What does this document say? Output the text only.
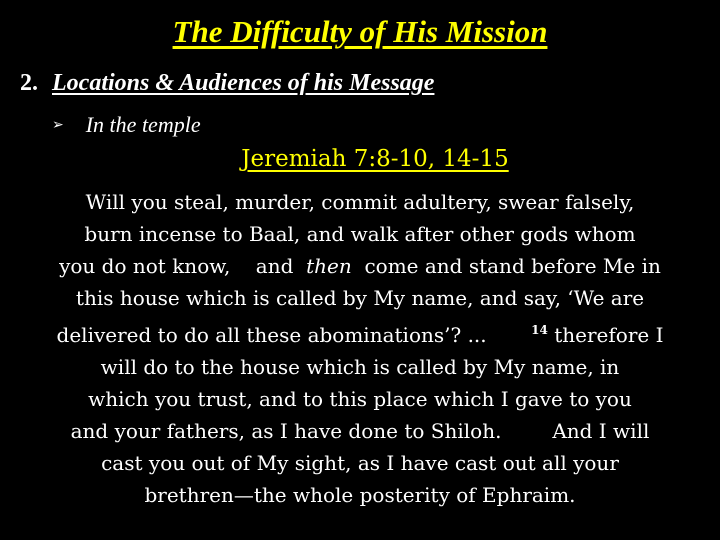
The Difficulty of His Mission
2. Locations & Audiences of his Message
➢ In the temple
Jeremiah 7:8-10, 14-15
Will you steal, murder, commit adultery, swear falsely,
burn incense to Baal, and walk after other gods whom
you do not know, and then come and stand before Me in
this house which is called by My name, and say, ‘We are
delivered to do all these abominations’? ...	$^{14}$ therefore I
will do to the house which is called by My name, in
which you trust, and to this place which I gave to you
and your fathers, as I have done to Shiloh.	And I will
cast you out of My sight, as I have cast out all your
brethren—the whole posterity of Ephraim.
